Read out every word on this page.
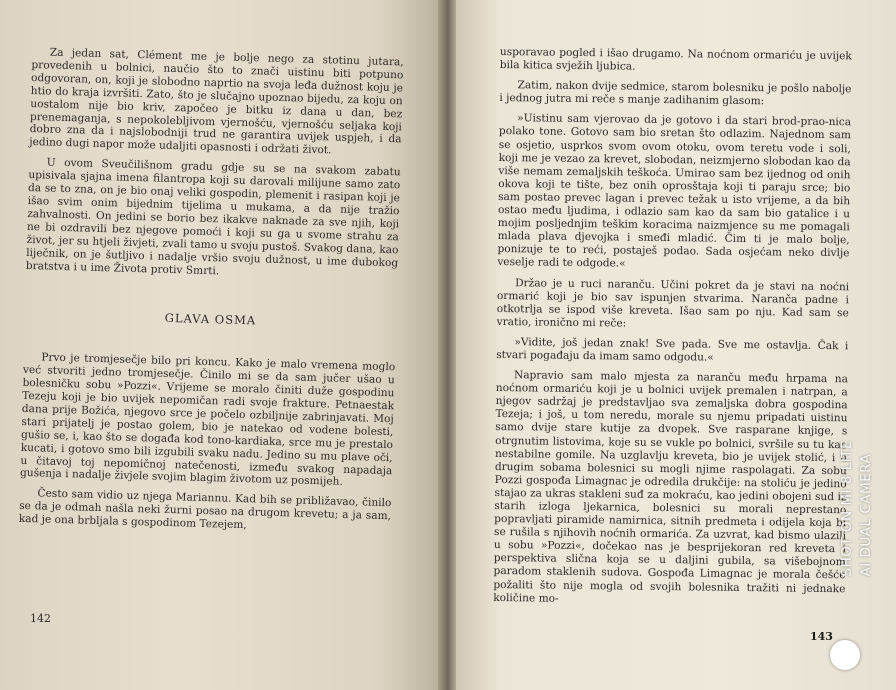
Za jedan sat, Clément me je bolje nego za stotinu jutara, provedenih u bolnici, naučio što to znači uistinu biti potpuno odgovoran, on, koji je slobodno naprtio na svoja leđa dužnost koju je htio do kraja izvršiti. Zato, što je slučajno upoznao bijedu, za koju on uostalom nije bio kriv, započeo je bitku iz dana u dan, bez prenemaganja, s nepokolebljivom vjernošću, vjernošću seljaka koji dobro zna da i najslobodniji trud ne garantira uvijek uspjeh, i da jedino dugi napor može udaljiti opasnosti i održati život.

U ovom Sveučilišnom gradu gdje su se na svakom zabatu upisivala sjajna imena filantropa koji su darovali milijune samo zato da se to zna, on je bio onaj veliki gospodin, plemenit i rasipan koji je išao svim onim bijednim tijelima u mukama, a da nije tražio zahvalnosti. On jedini se borio bez ikakve naknade za sve njih, koji ne bi ozdravili bez njegove pomoći i koji su ga u svome strahu za život, jer su htjeli živjeti, zvali tamo u svoju pustoš. Svakog dana, kao liječnik, on je šutljivo i nadalje vršio svoju dužnost, u ime dubokog bratstva i u ime Života protiv Smrti.

GLAVA OSMA

Prvo je tromjesečje bilo pri koncu. Kako je malo vremena moglo već stvoriti jedno tromjesečje. Činilo mi se da sam jučer ušao u bolesničku sobu »Pozzi«. Vrijeme se moralo činiti duže gospodinu Tezeju koji je bio uvijek nepomičan radi svoje frakture. Petnaestak dana prije Božića, njegovo srce je počelo ozbiljnije zabrinjavati. Moj stari prijatelj je postao golem, bio je natekao od vodene bolesti, gušio se, i, kao što se događa kod tono-kardiaka, srce mu je prestalo kucati, i gotovo smo bili izgubili svaku nadu. Jedino su mu plave oči, u čitavoj toj nepomičnoj natečenosti, između svakog napadaja gušenja i nadalje živjele svojim blagim životom uz posmijeh.

Često sam vidio uz njega Mariannu. Kad bih se približavao, činilo se da je odmah našla neki žurni posao na drugom krevetu; a ja sam, kad je ona brbljala s gospodinom Tezejem,

142

usporavao pogled i išao drugamo. Na noćnom ormariću je uvijek bila kitica svježih ljubica.

Zatim, nakon dvije sedmice, starom bolesniku je pošlo nabolje i jednog jutra mi reče s manje zadihanim glasom:

»Uistinu sam vjerovao da je gotovo i da stari brod-prao-nica polako tone. Gotovo sam bio sretan što odlazim. Najednom sam se osjetio, usprkos svom ovom otoku, ovom teretu vode i soli, koji me je vezao za krevet, slobodan, neizmjerno slobodan kao da više nemam zemaljskih teškoća. Umirao sam bez ijednog od onih okova koji te tište, bez onih oprosštaja koji ti paraju srce; bio sam postao prevec lagan i prevec težak u isto vrijeme, a da bih ostao među ljudima, i odlazio sam kao da sam bio gatalice i u mojim posljednjim teškim koracima naizmjence su me pomagali mlada plava djevojka i smeđi mladić. Čim ti je malo bolje, ponizuje te to reći, postaješ podao. Sada osjećam neko divlje veselje radi te odgode.«

Držao je u ruci naranču. Učini pokret da je stavi na noćni ormarić koji je bio sav ispunjen stvarima. Naranča padne i otkotrlja se ispod više kreveta. Išao sam po nju. Kad sam se vratio, ironično mi reče:

»Vidite, još jedan znak! Sve pada. Sve me ostavlja. Čak i stvari pogađaju da imam samo odgodu.«

Napravio sam malo mjesta za naranču među hrpama na noćnom ormariću koji je u bolnici uvijek premalen i natrpan, a njegov sadržaj je predstavljao sva zemaljska dobra gospodina Tezeja; i još, u tom neredu, morale su njemu pripadati uistinu samo dvije stare kutije za dvopek. Sve rasparane knjige, s otrgnutim listovima, koje su se vukle po bolnici, svršile su tu kao nestabilne gomile. Na uzglavlju kreveta, bio je uvijek stolić, i u drugim sobama bolesnici su mogli njime raspolagati. Za sobu Pozzi gospođa Limagnac je odredila drukčije: na stoliću je jedino stajao za ukras stakleni suđ za mokraću, kao jedini obojeni sud iz starih izloga ljekarnica, bolesnici su morali neprestano popravljati piramide namirnica, sitnih predmeta i odijela koja bi se rušila s njihovih noćnih ormarića. Za uzvrat, kad bismo ulazili u sobu »Pozzi«, dočekao nas je besprijekoran red kreveta i perspektiva slična koja se u daljini gubila, sa višebojnom paradom staklenih sudova. Gospođa Limagnac je morala češće požaliti što nije mogla od svojih bolesnika tražiti ni jednake količine mo-

143
SHOT ON MI 8 LITE AI DUAL CAMERA
